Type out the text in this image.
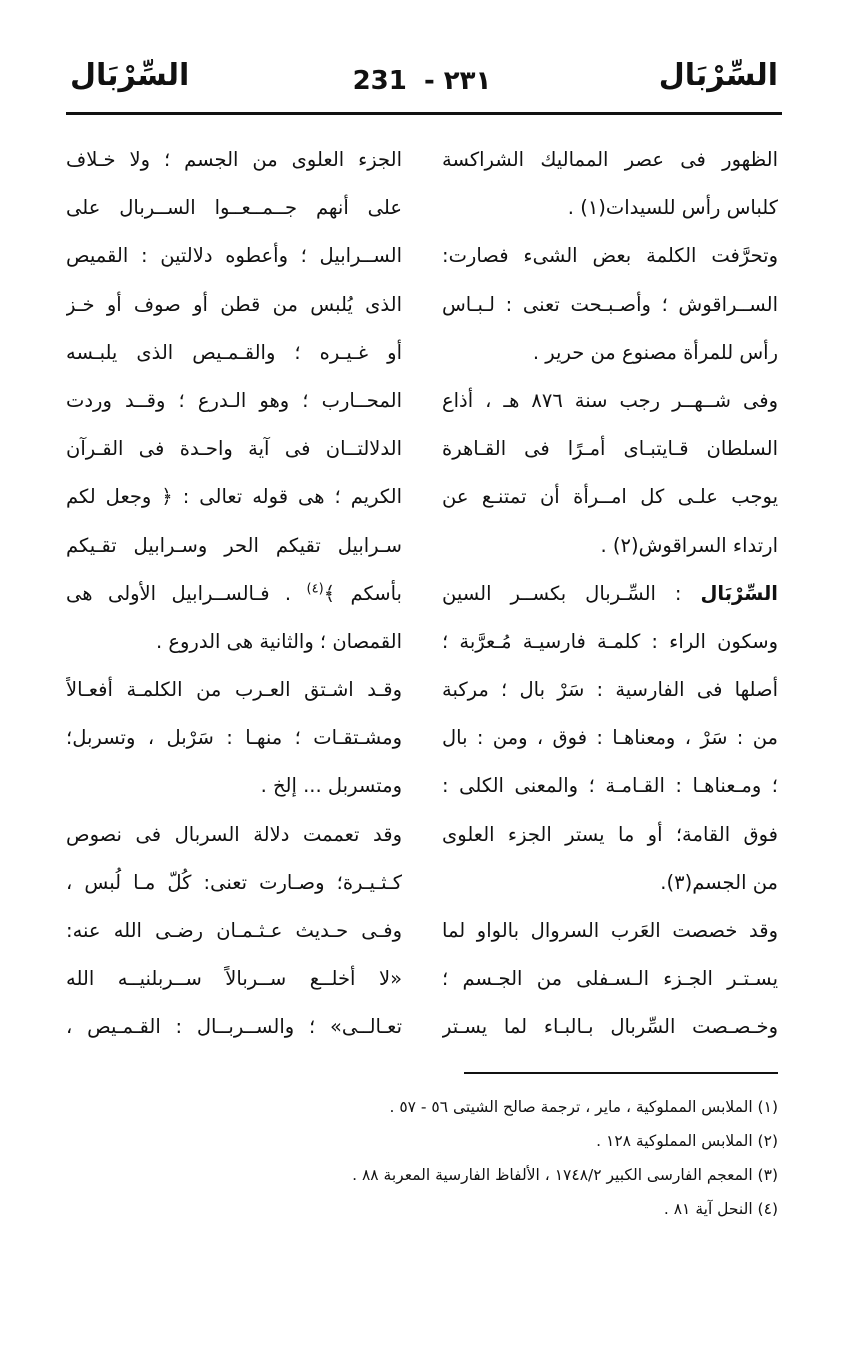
السِّرْبَال
٢٣١ - 231
السِّرْبَال
الظهور فى عصر المماليك الشراكسة
كلباس رأس للسيدات(١) .
وتحرَّفت الكلمة بعض الشىء فصارت:
الســراقوش ؛ وأصـبـحت تعنى : لـبـاس
رأس للمرأة مصنوع من حرير .
وفى شــهــر رجب سنة ٨٧٦ هـ ، أذاع
السلطان قـايتبـاى أمـرًا فى القـاهرة
يوجب علـى كل امــرأة أن تمتنـع عن
ارتداء السراقوش(٢) .
السِّرْبَال : السِّـربال بكســر السين
وسكون الراء : كلمـة فارسيـة مُـعرَّبة ؛
أصلها فى الفارسية : سَرْ بال ؛ مركبة
من : سَرْ ، ومعناهـا : فوق ، ومن : بال
؛ ومـعناهـا : القـامـة ؛ والمعنى الكلى :
فوق القامة؛ أو ما يستر الجزء العلوى
من الجسم(٣).
وقد خصصت العَرب السروال بالواو لما
يسـتـر الجـزء الـسـفلى من الجـسم ؛
وخـصـصت السِّربال بـالبـاء لما يسـتر
الجزء العلوى من الجسم ؛ ولا خـلاف
على أنهم جــمــعــوا الســربال على
الســرابيل ؛ وأعطوه دلالتين : القميص
الذى يُلبس من قطن أو صوف أو خـز
أو غـيـره ؛ والقـمـيص الذى يلبـسه
المحــارب ؛ وهو الـدرع ؛ وقــد وردت
الدلالتــان فى آية واحـدة فى القـرآن
الكريم ؛ هى قوله تعالى : ﴿ وجعل لكم
سـرابيل تقيكم الحر وسـرابيل تقـيكم
بأسكم ﴾$^{(٤)}$ . فـالســرابيل الأولى هى
القمصان ؛ والثانية هى الدروع .
وقـد اشـتق العـرب من الكلمـة أفعـالاً
ومشـتقـات ؛ منهـا : سَرْبل ، وتسربل؛
ومتسربل ... إلخ .
وقد تعممت دلالة السربال فى نصوص
كـثـيـرة؛ وصـارت تعنى: كُلّ مـا لُبس ،
وفـى حـديث عـثـمـان رضـى الله عنه:
«لا أخلــع ســربالاً ســربلنيــه الله
تعـالــى» ؛ والســربــال : القـمـيص ،
(١) الملابس المملوكية ، ماير ، ترجمة صالح الشيتى ٥٦ - ٥٧ .
(٢) الملابس المملوكية ١٢٨ .
(٣) المعجم الفارسى الكبير ١٧٤٨/٢ ، الألفاظ الفارسية المعربة ٨٨ .
(٤) النحل آية ٨١ .
